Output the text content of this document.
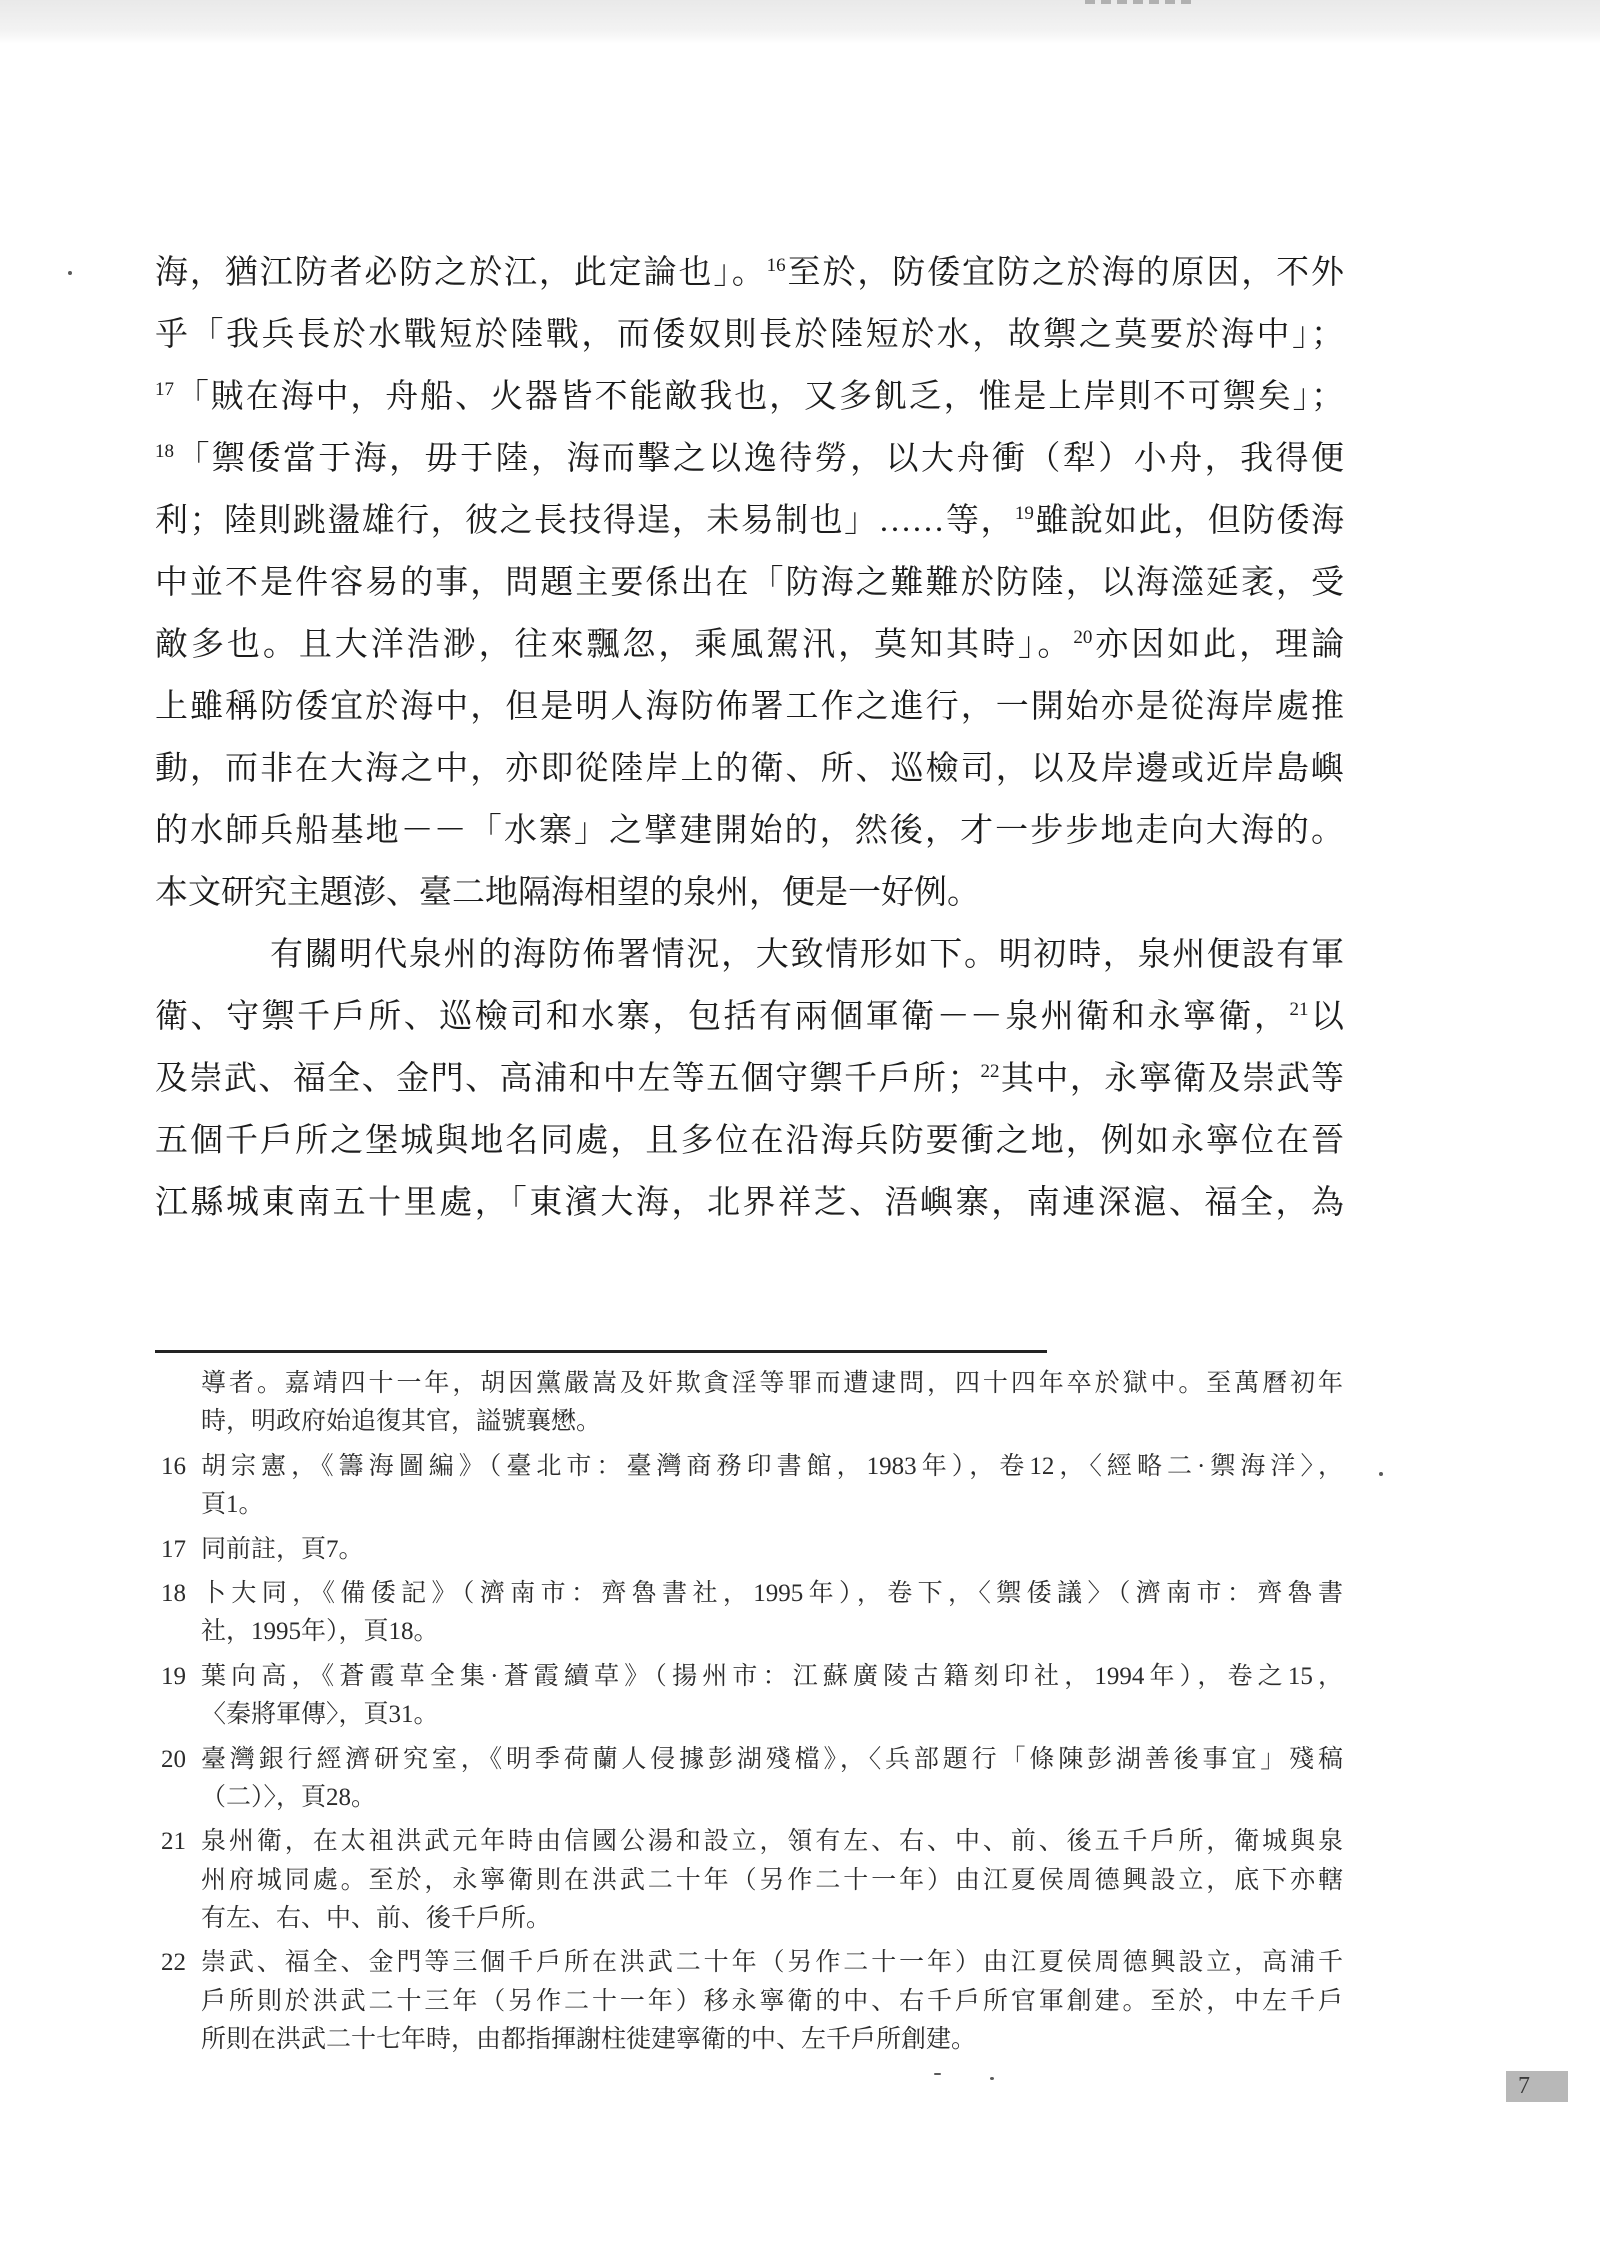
海，猶江防者必防之於江，此定論也」。$^{16}$至於，防倭宜防之於海的原因，不外
乎「我兵長於水戰短於陸戰，而倭奴則長於陸短於水，故禦之莫要於海中」；
$^{17}$「賊在海中，舟船、火器皆不能敵我也，又多飢乏，惟是上岸則不可禦矣」；
$^{18}$「禦倭當于海，毋于陸，海而擊之以逸待勞，以大舟衝（犁）小舟，我得便
利；陸則跳盪雄行，彼之長技得逞，未易制也」……等，$^{19}$雖說如此，但防倭海
中並不是件容易的事，問題主要係出在「防海之難難於防陸，以海澨延袤，受
敵多也。且大洋浩渺，往來飄忽，乘風駕汛，莫知其時」。$^{20}$亦因如此，理論
上雖稱防倭宜於海中，但是明人海防佈署工作之進行，一開始亦是從海岸處推
動，而非在大海之中，亦即從陸岸上的衛、所、巡檢司，以及岸邊或近岸島嶼
的水師兵船基地－－「水寨」之擘建開始的，然後，才一步步地走向大海的。
本文研究主題澎、臺二地隔海相望的泉州，便是一好例。
有關明代泉州的海防佈署情況，大致情形如下。明初時，泉州便設有軍
衛、守禦千戶所、巡檢司和水寨，包括有兩個軍衛－－泉州衛和永寧衛，$^{21}$以
及崇武、福全、金門、高浦和中左等五個守禦千戶所；$^{22}$其中，永寧衛及崇武等
五個千戶所之堡城與地名同處，且多位在沿海兵防要衝之地，例如永寧位在晉
江縣城東南五十里處，「東濱大海，北界祥芝、浯嶼寨，南連深滬、福全，為
導者。嘉靖四十一年，胡因黨嚴嵩及奸欺貪淫等罪而遭逮問，四十四年卒於獄中。至萬曆初年
時，明政府始追復其官，謚號襄懋。
16 胡宗憲，《籌海圖編》（臺北市：臺灣商務印書館，1983年），卷12，〈經略二·禦海洋〉，
頁1。
17 同前註，頁7。
18 卜大同，《備倭記》（濟南市：齊魯書社，1995年），卷下，〈禦倭議〉（濟南市：齊魯書
社，1995年），頁18。
19 葉向高，《蒼霞草全集·蒼霞續草》（揚州市：江蘇廣陵古籍刻印社，1994年），卷之15，
〈秦將軍傳〉，頁31。
20 臺灣銀行經濟研究室，《明季荷蘭人侵據彭湖殘檔》，〈兵部題行「條陳彭湖善後事宜」殘稿
（二）〉，頁28。
21 泉州衛，在太祖洪武元年時由信國公湯和設立，領有左、右、中、前、後五千戶所，衛城與泉
州府城同處。至於，永寧衛則在洪武二十年（另作二十一年）由江夏侯周德興設立，底下亦轄
有左、右、中、前、後千戶所。
22 崇武、福全、金門等三個千戶所在洪武二十年（另作二十一年）由江夏侯周德興設立，高浦千
戶所則於洪武二十三年（另作二十一年）移永寧衛的中、右千戶所官軍創建。至於，中左千戶
所則在洪武二十七年時，由都指揮謝柱徙建寧衛的中、左千戶所創建。
7
